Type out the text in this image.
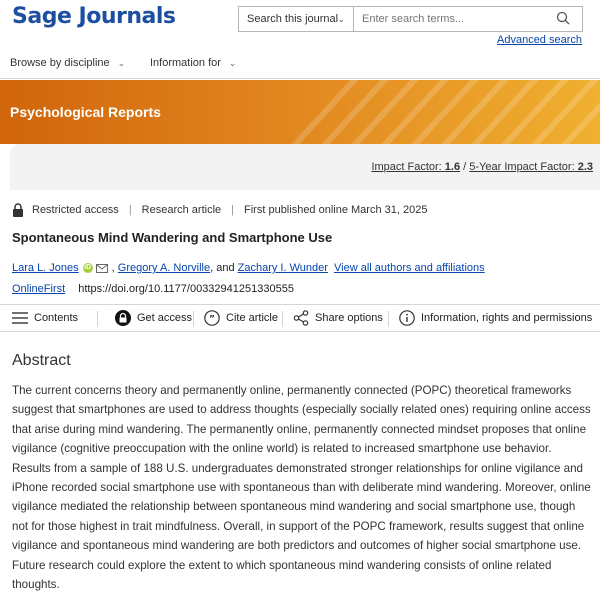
Sage Journals	Search this journal ⌄
Enter search terms...
Advanced search
Browse by discipline ⌄ Information for ⌄
Psychological Reports
Impact Factor: 1.6 / 5-Year Impact Factor: 2.3
Restricted access | Research article | First published online March 31, 2025
Spontaneous Mind Wandering and Smartphone Use
Lara L. Jones iD ,
Gregory A. Norville , and
Zachary I. Wunder
View all authors and affiliations
OnlineFirst https://doi.org/10.1177/00332941251330555
Contents	Get access ” Cite article	Share options	Information, rights and permissions
Abstract
The current concerns theory and permanently online, permanently connected (POPC) theoretical frameworks suggest that smartphones are used to address thoughts (especially socially related ones) requiring online access that arise during mind wandering. The permanently online, permanently connected mindset proposes that online vigilance (cognitive preoccupation with the online world) is related to increased smartphone use behavior. Results from a sample of 188 U.S. undergraduates demonstrated stronger relationships for online vigilance and iPhone recorded social smartphone use with spontaneous than with deliberate mind wandering. Moreover, online vigilance mediated the relationship between spontaneous mind wandering and social smartphone use, though not for those highest in trait mindfulness. Overall, in support of the POPC framework, results suggest that online vigilance and spontaneous mind wandering are both predictors and outcomes of higher social smartphone use. Future research could explore the extent to which spontaneous mind wandering consists of online related thoughts.
